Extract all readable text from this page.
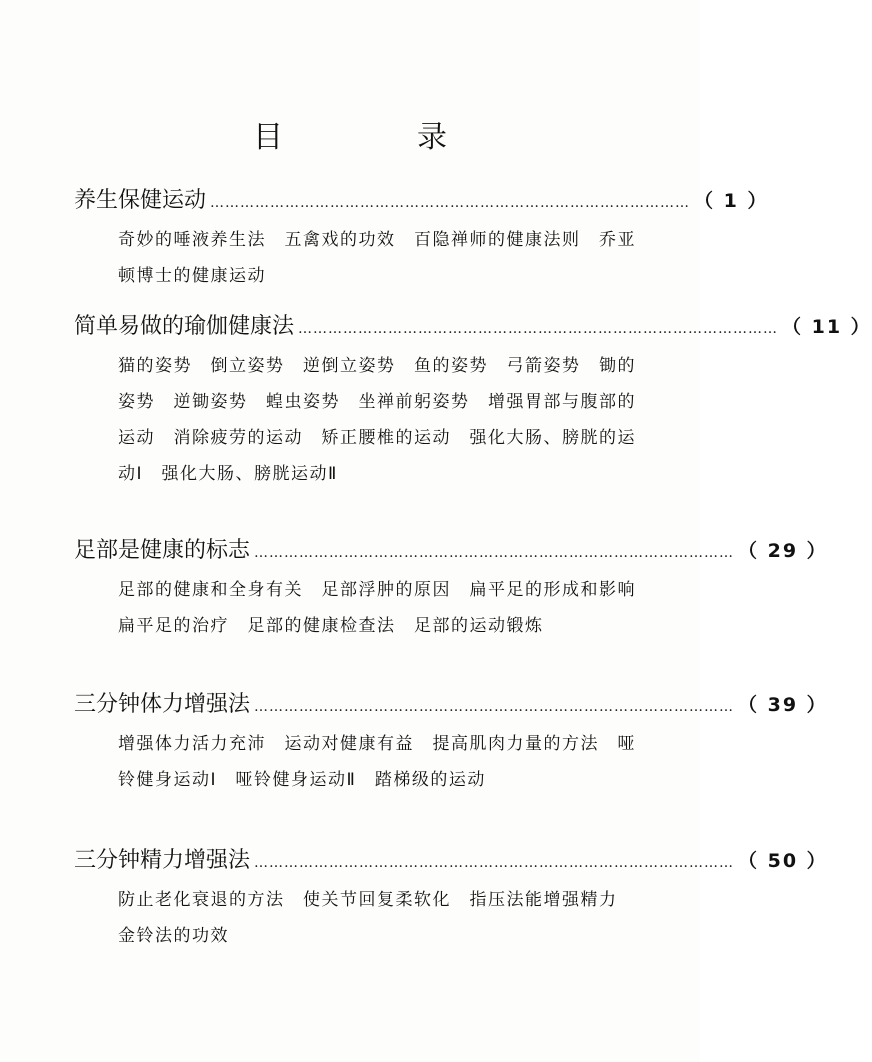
目　录
养生保健运动 …………………………………………………………………………………… （ 1 ）
奇妙的唾液养生法　五禽戏的功效　百隐禅师的健康法则　乔亚顿博士的健康运动
简单易做的瑜伽健康法 …………………………………………………………………………………… （ 11 ）
猫的姿势　倒立姿势　逆倒立姿势　鱼的姿势　弓箭姿势　锄的姿势　逆锄姿势　蝗虫姿势　坐禅前躬姿势　增强胃部与腹部的运动　消除疲劳的运动　矫正腰椎的运动　强化大肠、膀胱的运动Ⅰ　强化大肠、膀胱运动Ⅱ
足部是健康的标志 …………………………………………………………………………………… （ 29 ）
足部的健康和全身有关　足部浮肿的原因　扁平足的形成和影响　扁平足的治疗　足部的健康检查法　足部的运动锻炼
三分钟体力增强法 …………………………………………………………………………………… （ 39 ）
增强体力活力充沛　运动对健康有益　提高肌肉力量的方法　哑铃健身运动Ⅰ　哑铃健身运动Ⅱ　踏梯级的运动
三分钟精力增强法 …………………………………………………………………………………… （ 50 ）
防止老化衰退的方法　使关节回复柔软化　指压法能增强精力　金铃法的功效
